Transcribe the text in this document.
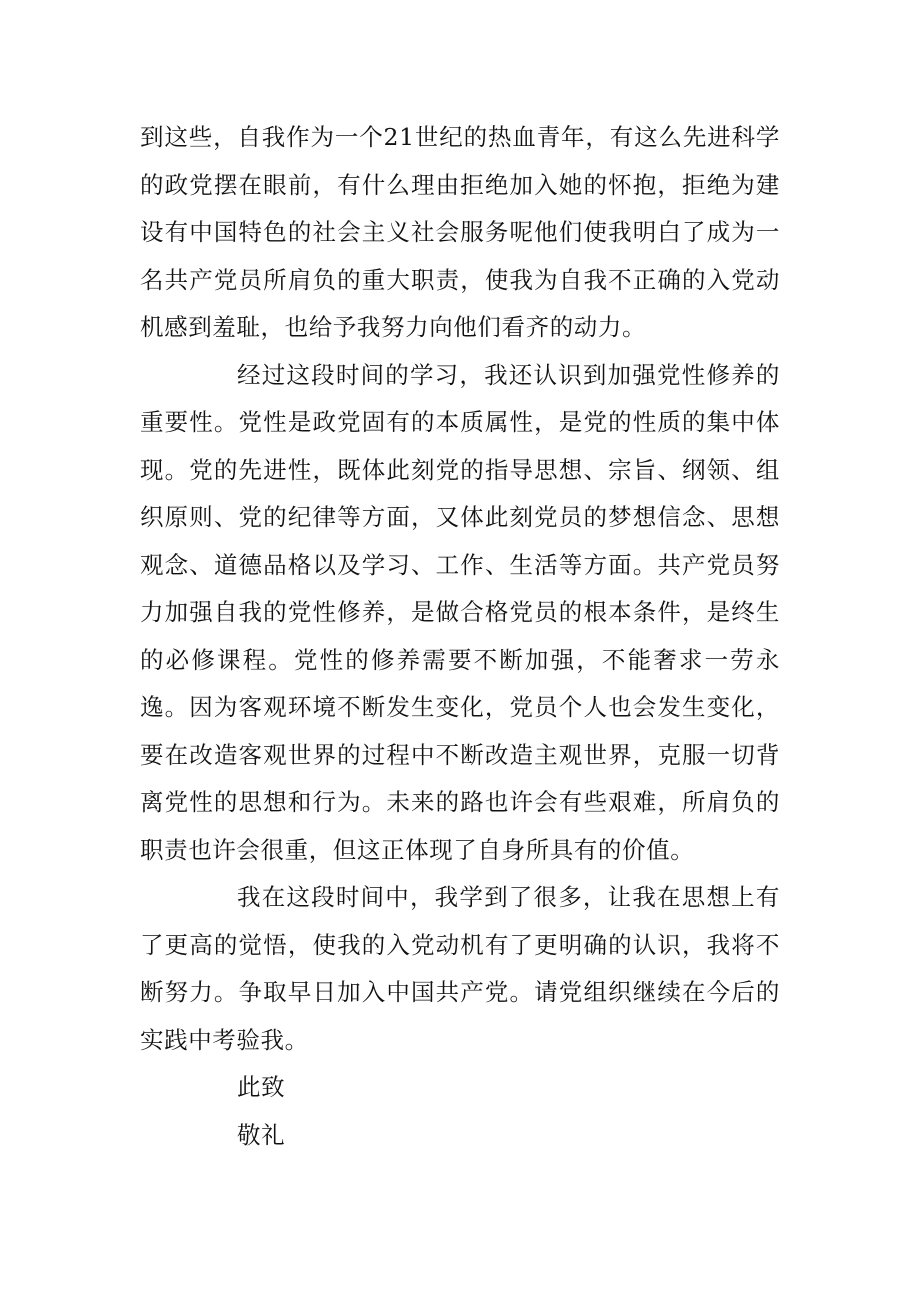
到这些，自我作为一个21世纪的热血青年，有这么先进科学的政党摆在眼前，有什么理由拒绝加入她的怀抱，拒绝为建设有中国特色的社会主义社会服务呢他们使我明白了成为一名共产党员所肩负的重大职责，使我为自我不正确的入党动机感到羞耻，也给予我努力向他们看齐的动力。

经过这段时间的学习，我还认识到加强党性修养的重要性。党性是政党固有的本质属性，是党的性质的集中体现。党的先进性，既体此刻党的指导思想、宗旨、纲领、组织原则、党的纪律等方面，又体此刻党员的梦想信念、思想观念、道德品格以及学习、工作、生活等方面。共产党员努力加强自我的党性修养，是做合格党员的根本条件，是终生的必修课程。党性的修养需要不断加强，不能奢求一劳永逸。因为客观环境不断发生变化，党员个人也会发生变化，要在改造客观世界的过程中不断改造主观世界，克服一切背离党性的思想和行为。未来的路也许会有些艰难，所肩负的职责也许会很重，但这正体现了自身所具有的价值。

我在这段时间中，我学到了很多，让我在思想上有了更高的觉悟，使我的入党动机有了更明确的认识，我将不断努力。争取早日加入中国共产党。请党组织继续在今后的实践中考验我。

此致

敬礼
